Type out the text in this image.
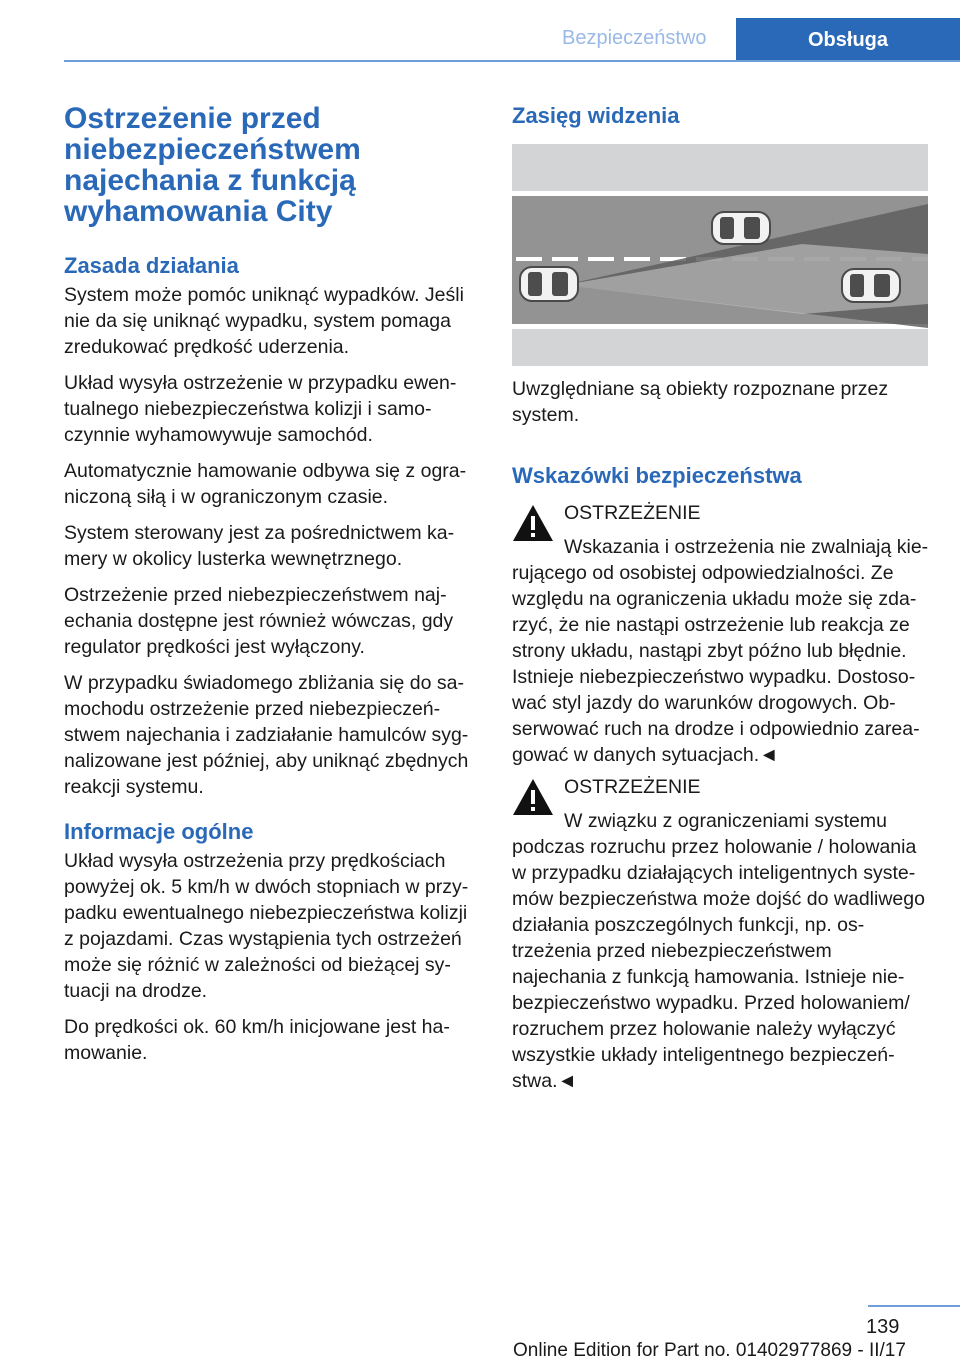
Bezpieczeństwo	Obsługa
Ostrzeżenie przed niebezpieczeństwem najechania z funkcją wyhamowania City
Zasada działania

System może pomóc uniknąć wypadków. Jeśli nie da się uniknąć wypadku, system pomaga zredukować prędkość uderzenia.

Układ wysyła ostrzeżenie w przypadku ewentualnego niebezpieczeństwa kolizji i samoczynnie wyhamowywuje samochód.

Automatycznie hamowanie odbywa się z ograniczoną siłą i w ograniczonym czasie.

System sterowany jest za pośrednictwem kamery w okolicy lusterka wewnętrznego.

Ostrzeżenie przed niebezpieczeństwem najechania dostępne jest również wówczas, gdy regulator prędkości jest wyłączony.

W przypadku świadomego zbliżania się do samochodu ostrzeżenie przed niebezpieczeństwem najechania i zadziałanie hamulców sygnalizowane jest później, aby uniknąć zbędnych reakcji systemu.

Informacje ogólne

Układ wysyła ostrzeżenia przy prędkościach powyżej ok. 5 km/h w dwóch stopniach w przypadku ewentualnego niebezpieczeństwa kolizji z pojazdami. Czas wystąpienia tych ostrzeżeń może się różnić w zależności od bieżącej sytuacji na drodze.

Do prędkości ok. 60 km/h inicjowane jest hamowanie.

Zasięg widzenia

Uwzględniane są obiekty rozpoznane przez system.

Wskazówki bezpieczeństwa
OSTRZEŻENIE

Wskazania i ostrzeżenia nie zwalniają kierującego od osobistej odpowiedzialności. Ze względu na ograniczenia układu może się zdarzyć, że nie nastąpi ostrzeżenie lub reakcja ze strony układu, nastąpi zbyt późno lub błędnie. Istnieje niebezpieczeństwo wypadku. Dostosować styl jazdy do warunków drogowych. Obserwować ruch na drodze i odpowiednio zareagować w danych sytuacjach.◄

OSTRZEŻENIE

W związku z ograniczeniami systemu podczas rozruchu przez holowanie / holowania w przypadku działających inteligentnych systemów bezpieczeństwa może dojść do wadliwego działania poszczególnych funkcji, np. ostrzeżenia przed niebezpieczeństwem najechania z funkcją hamowania. Istnieje niebezpieczeństwo wypadku. Przed holowaniem/ rozruchem przez holowanie należy wyłączyć wszystkie układy inteligentnego bezpieczeństwa.◄

139
Online Edition for Part no. 01402977869 - II/17
